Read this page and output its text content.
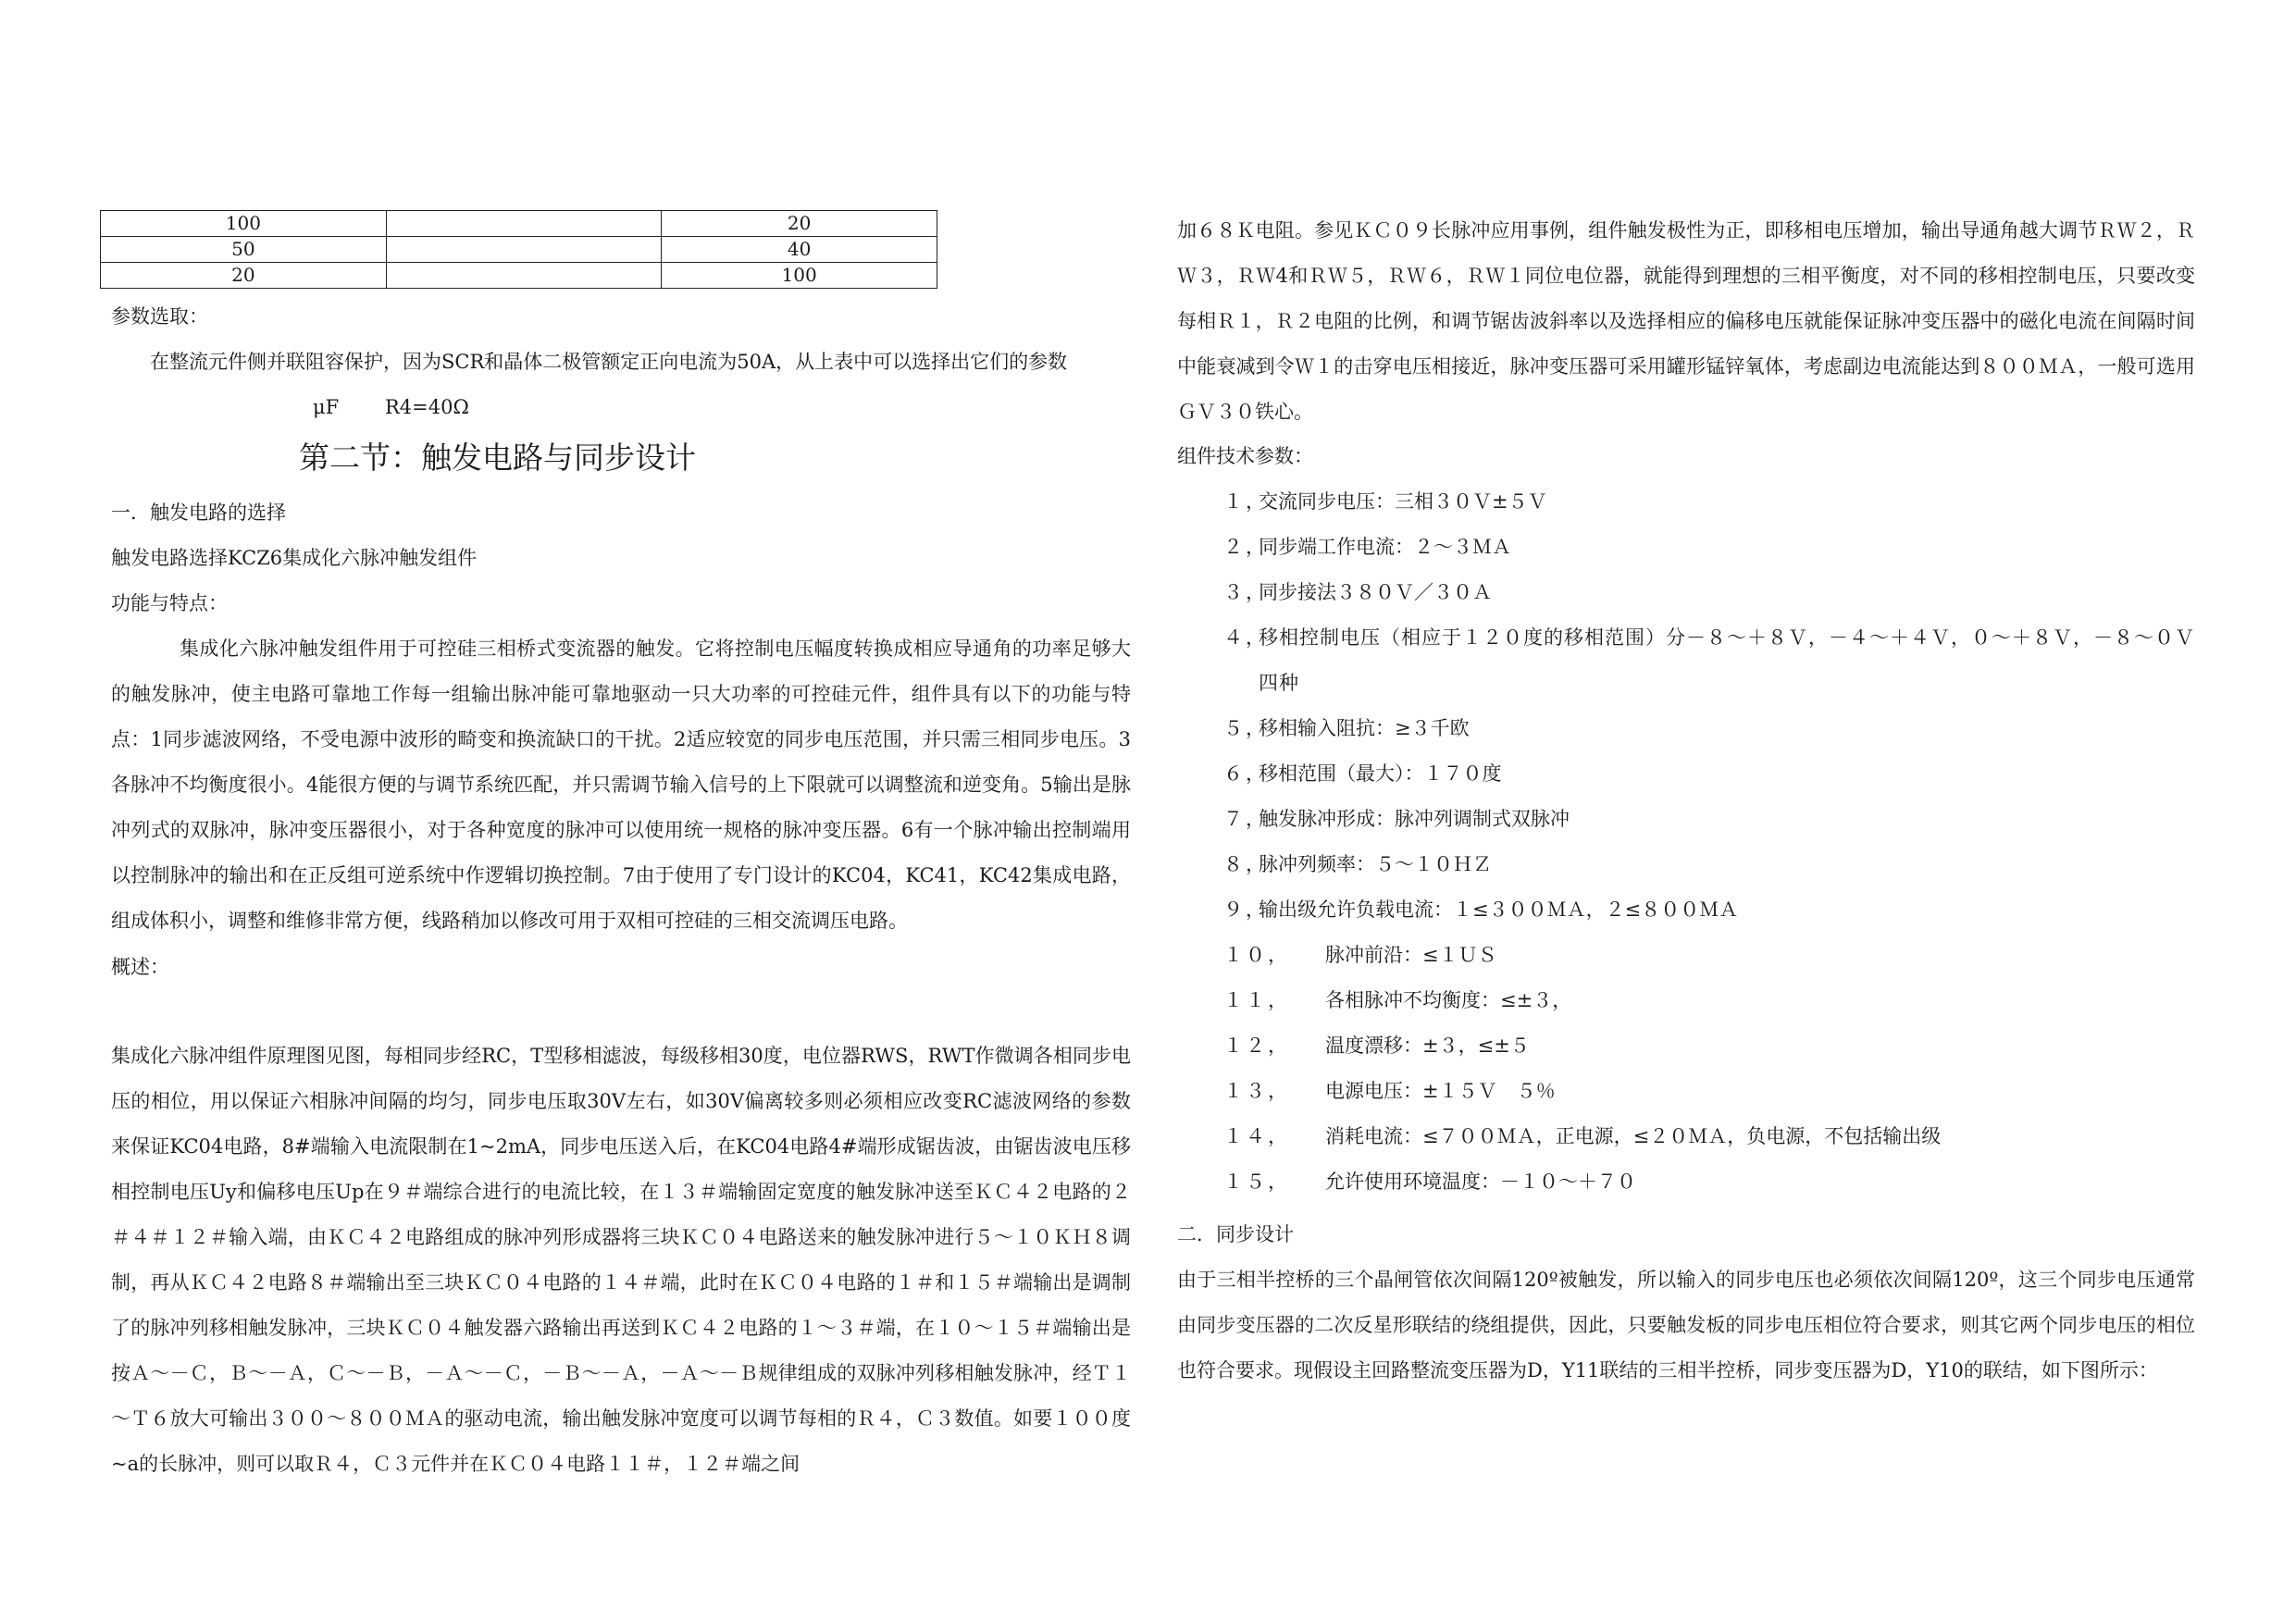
100		20
50		40
20		100

参数选取：

在整流元件侧并联阻容保护，因为SCR和晶体二极管额定正向电流为50A，从上表中可以选择出它们的参数

μF R4=40Ω

第二节：触发电路与同步设计

一．触发电路的选择

触发电路选择KCZ6集成化六脉冲触发组件

功能与特点：

集成化六脉冲触发组件用于可控硅三相桥式变流器的触发。它将控制电压幅度转换成相应导通角的功率足够大的触发脉冲，使主电路可靠地工作每一组输出脉冲能可靠地驱动一只大功率的可控硅元件，组件具有以下的功能与特点：1同步滤波网络，不受电源中波形的畸变和换流缺口的干扰。2适应较宽的同步电压范围，并只需三相同步电压。3各脉冲不均衡度很小。4能很方便的与调节系统匹配，并只需调节输入信号的上下限就可以调整流和逆变角。5输出是脉冲列式的双脉冲，脉冲变压器很小，对于各种宽度的脉冲可以使用统一规格的脉冲变压器。6有一个脉冲输出控制端用以控制脉冲的输出和在正反组可逆系统中作逻辑切换控制。7由于使用了专门设计的KC04，KC41，KC42集成电路，组成体积小，调整和维修非常方便，线路稍加以修改可用于双相可控硅的三相交流调压电路。

概述：

集成化六脉冲组件原理图见图，每相同步经RC，T型移相滤波，每级移相30度，电位器RWS，RWT作微调各相同步电压的相位，用以保证六相脉冲间隔的均匀，同步电压取30V左右，如30V偏离较多则必须相应改变RC滤波网络的参数来保证KC04电路，8#端输入电流限制在1~2mA，同步电压送入后，在KC04电路4#端形成锯齿波，由锯齿波电压移相控制电压Uy和偏移电压Up在９＃端综合进行的电流比较，在１３＃端输固定宽度的触发脉冲送至ＫＣ４２电路的２＃４＃１２＃输入端，由ＫＣ４２电路组成的脉冲列形成器将三块ＫＣ０４电路送来的触发脉冲进行５～１０ＫＨ８调制，再从ＫＣ４２电路８＃端输出至三块ＫＣ０４电路的１４＃端，此时在ＫＣ０４电路的１＃和１５＃端输出是调制了的脉冲列移相触发脉冲，三块ＫＣ０４触发器六路输出再送到ＫＣ４２电路的１～３＃端，在１０～１５＃端输出是按Ａ～－Ｃ，Ｂ～－Ａ，Ｃ～－Ｂ，－Ａ～－Ｃ，－Ｂ～－Ａ，－Ａ～－Ｂ规律组成的双脉冲列移相触发脉冲，经Ｔ１～Ｔ６放大可输出３００～８００ＭＡ的驱动电流，输出触发脉冲宽度可以调节每相的Ｒ４，Ｃ３数值。如要１００度~a的长脉冲，则可以取Ｒ４，Ｃ３元件并在ＫＣ０４电路１１＃，１２＃端之间

加６８Ｋ电阻。参见ＫＣ０９长脉冲应用事例，组件触发极性为正，即移相电压增加，输出导通角越大调节ＲＷ２，ＲＷ３，ＲＷ4和ＲＷ５，ＲＷ６，ＲＷ１同位电位器，就能得到理想的三相平衡度，对不同的移相控制电压，只要改变每相Ｒ１，Ｒ２电阻的比例，和调节锯齿波斜率以及选择相应的偏移电压就能保证脉冲变压器中的磁化电流在间隔时间中能衰减到令Ｗ１的击穿电压相接近，脉冲变压器可采用罐形锰锌氧体，考虑副边电流能达到８００ＭＡ，一般可选用ＧＶ３０铁心。

组件技术参数：

１，
交流同步电压：三相３０Ｖ±５Ｖ
２，
同步端工作电流：２～３ＭＡ
３，
同步接法３８０Ｖ／３０Ａ
４，
移相控制电压（相应于１２０度的移相范围）分－８～＋８Ｖ，－４～＋４Ｖ，０～＋８Ｖ，－８～０Ｖ四种
５，
移相输入阻抗：≥３千欧
６，
移相范围（最大）：１７０度
７，
触发脉冲形成：脉冲列调制式双脉冲
８，
脉冲列频率：５～１０ＨＺ
９，
输出级允许负载电流：１≤３００ＭＡ，２≤８００ＭＡ
１０，	脉冲前沿：≤１ＵＳ
１１，	各相脉冲不均衡度：≤±３，
１２，	温度漂移：±３，≤±５
１３，	电源电压：±１５Ｖ　５％
１４，	消耗电流：≤７００ＭＡ，正电源，≤２０ＭＡ，负电源，不包括输出级
１５，	允许使用环境温度：－１０～＋７０

二．同步设计

由于三相半控桥的三个晶闸管依次间隔120º被触发，所以输入的同步电压也必须依次间隔120º，这三个同步电压通常由同步变压器的二次反星形联结的绕组提供，因此，只要触发板的同步电压相位符合要求，则其它两个同步电压的相位也符合要求。现假设主回路整流变压器为D，Y11联结的三相半控桥，同步变压器为D，Y10的联结，如下图所示：
